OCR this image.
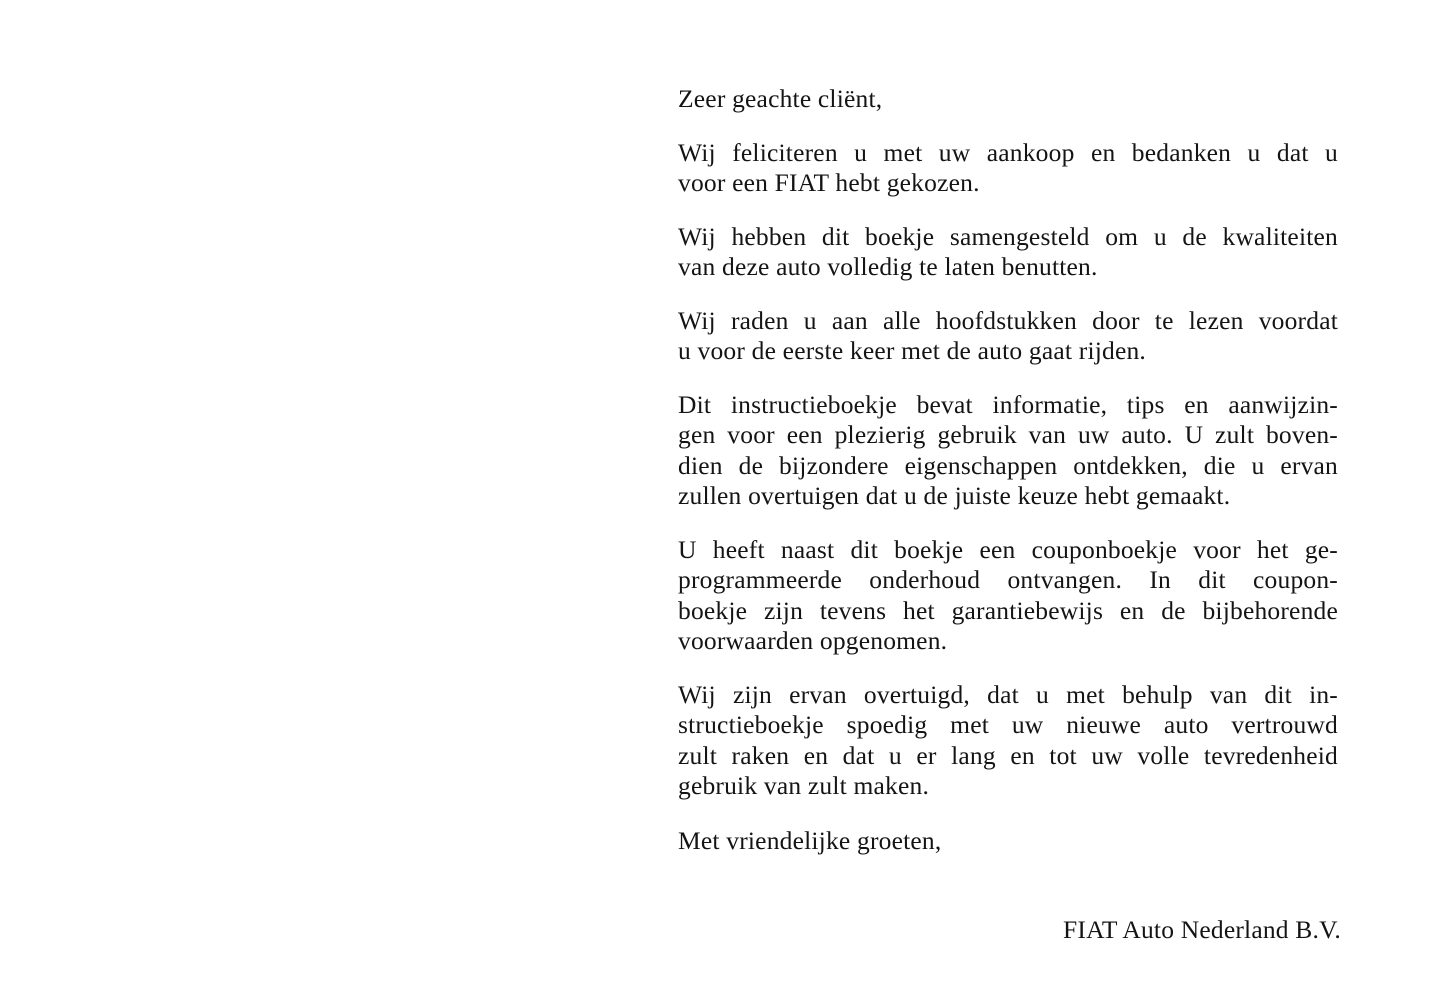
Zeer geachte cliënt,
Wij feliciteren u met uw aankoop en bedanken u dat u
voor een FIAT hebt gekozen.
Wij hebben dit boekje samengesteld om u de kwaliteiten
van deze auto volledig te laten benutten.
Wij raden u aan alle hoofdstukken door te lezen voordat
u voor de eerste keer met de auto gaat rijden.
Dit instructieboekje bevat informatie, tips en aanwijzin-
gen voor een plezierig gebruik van uw auto. U zult boven-
dien de bijzondere eigenschappen ontdekken, die u ervan
zullen overtuigen dat u de juiste keuze hebt gemaakt.
U heeft naast dit boekje een couponboekje voor het ge-
programmeerde onderhoud ontvangen. In dit coupon-
boekje zijn tevens het garantiebewijs en de bijbehorende
voorwaarden opgenomen.
Wij zijn ervan overtuigd, dat u met behulp van dit in-
structieboekje spoedig met uw nieuwe auto vertrouwd
zult raken en dat u er lang en tot uw volle tevredenheid
gebruik van zult maken.
Met vriendelijke groeten,
FIAT Auto Nederland B.V.
